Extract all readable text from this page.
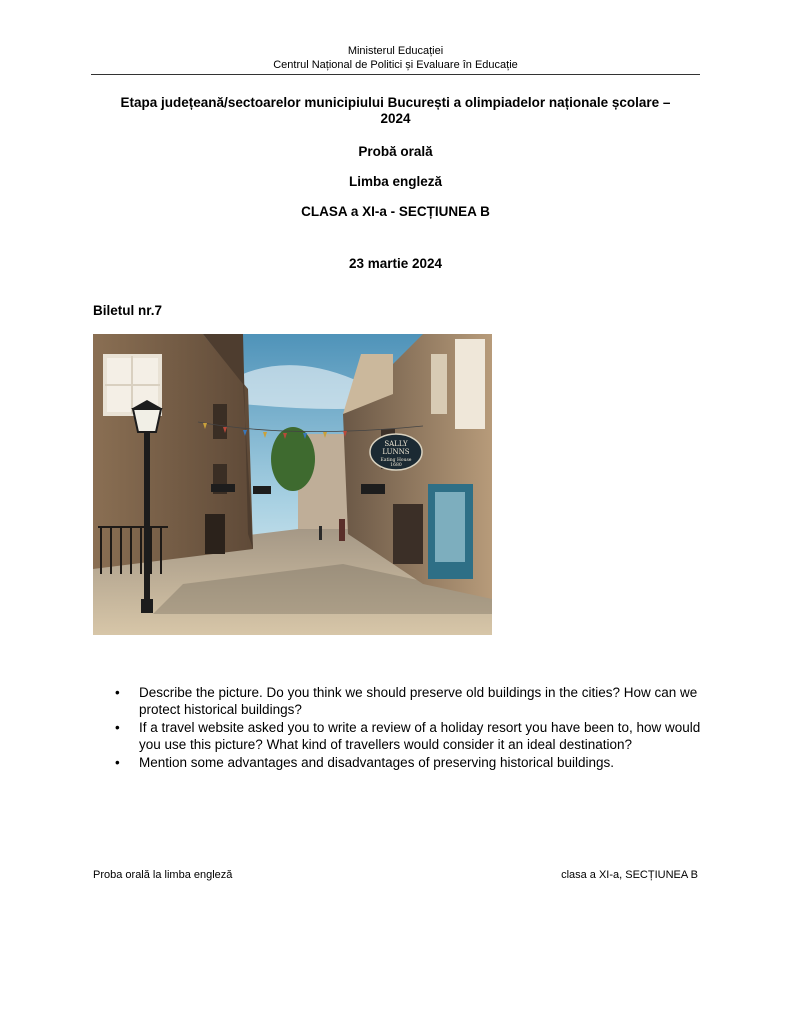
Ministerul Educației
Centrul Național de Politici și Evaluare în Educație
Etapa județeană/sectoarelor municipiului București a olimpiadelor naționale școlare –
2024
Probă orală
Limba engleză
CLASA a XI-a - SECȚIUNEA B
23 martie 2024
Biletul nr.7
SALLY
LUNNS
Eating House
1680
• Describe the picture. Do you think we should preserve old buildings in the cities? How can we protect historical buildings?
• If a travel website asked you to write a review of a holiday resort you have been to, how would you use this picture? What kind of travellers would consider it an ideal destination?
• Mention some advantages and disadvantages of preserving historical buildings.
Proba orală la limba engleză	clasa a XI-a, SECȚIUNEA B
